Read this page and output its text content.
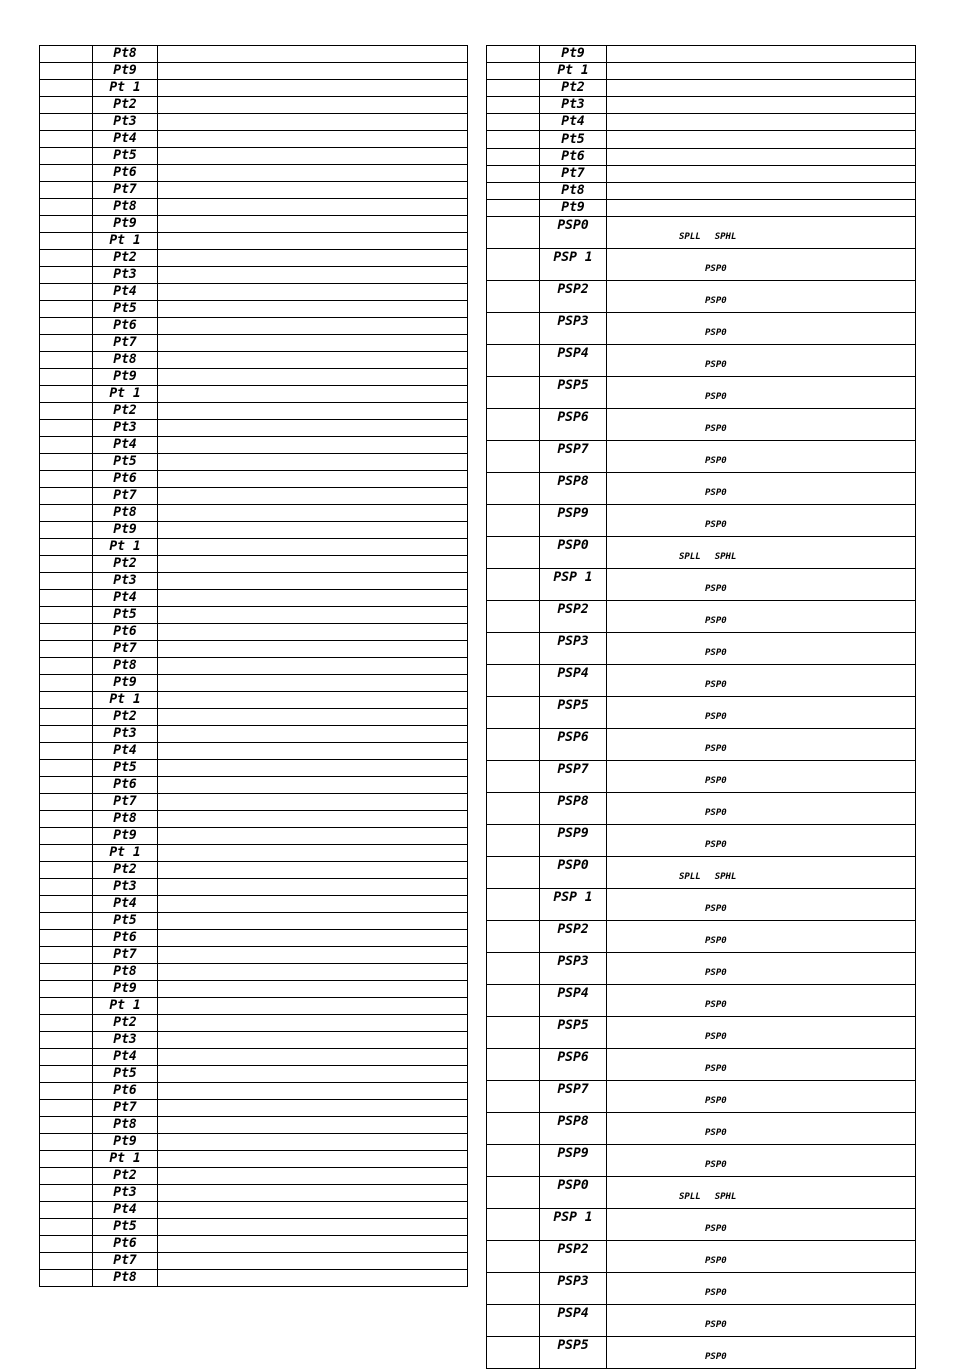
	Pt8	
	Pt9	
	Pt 1	
	Pt2	
	Pt3	
	Pt4	
	Pt5	
	Pt6	
	Pt7	
	Pt8	
	Pt9	
	Pt 1	
	Pt2	
	Pt3	
	Pt4	
	Pt5	
	Pt6	
	Pt7	
	Pt8	
	Pt9	
	Pt 1	
	Pt2	
	Pt3	
	Pt4	
	Pt5	
	Pt6	
	Pt7	
	Pt8	
	Pt9	
	Pt 1	
	Pt2	
	Pt3	
	Pt4	
	Pt5	
	Pt6	
	Pt7	
	Pt8	
	Pt9	
	Pt 1	
	Pt2	
	Pt3	
	Pt4	
	Pt5	
	Pt6	
	Pt7	
	Pt8	
	Pt9	
	Pt 1	
	Pt2	
	Pt3	
	Pt4	
	Pt5	
	Pt6	
	Pt7	
	Pt8	
	Pt9	
	Pt 1	
	Pt2	
	Pt3	
	Pt4	
	Pt5	
	Pt6	
	Pt7	
	Pt8	
	Pt9	
	Pt 1	
	Pt2	
	Pt3	
	Pt4	
	Pt5	
	Pt6	
	Pt7	
	Pt8	
	Pt9	
	Pt 1	
	Pt2	
	Pt3	
	Pt4	
	Pt5	
	Pt6	
	Pt7	
	Pt8	
	Pt9	
	PSP0	SPLL SPHL

	PSP 1	PSP0

	PSP2	PSP0

	PSP3	PSP0

	PSP4	PSP0

	PSP5	PSP0

	PSP6	PSP0

	PSP7	PSP0

	PSP8	PSP0

	PSP9	PSP0

	PSP0	SPLL SPHL

	PSP 1	PSP0

	PSP2	PSP0

	PSP3	PSP0

	PSP4	PSP0

	PSP5	PSP0

	PSP6	PSP0

	PSP7	PSP0

	PSP8	PSP0

	PSP9	PSP0

	PSP0	SPLL SPHL

	PSP 1	PSP0

	PSP2	PSP0

	PSP3	PSP0

	PSP4	PSP0

	PSP5	PSP0

	PSP6	PSP0

	PSP7	PSP0

	PSP8	PSP0

	PSP9	PSP0

	PSP0	SPLL SPHL

	PSP 1	PSP0

	PSP2	PSP0

	PSP3	PSP0

	PSP4	PSP0

	PSP5	PSP0
